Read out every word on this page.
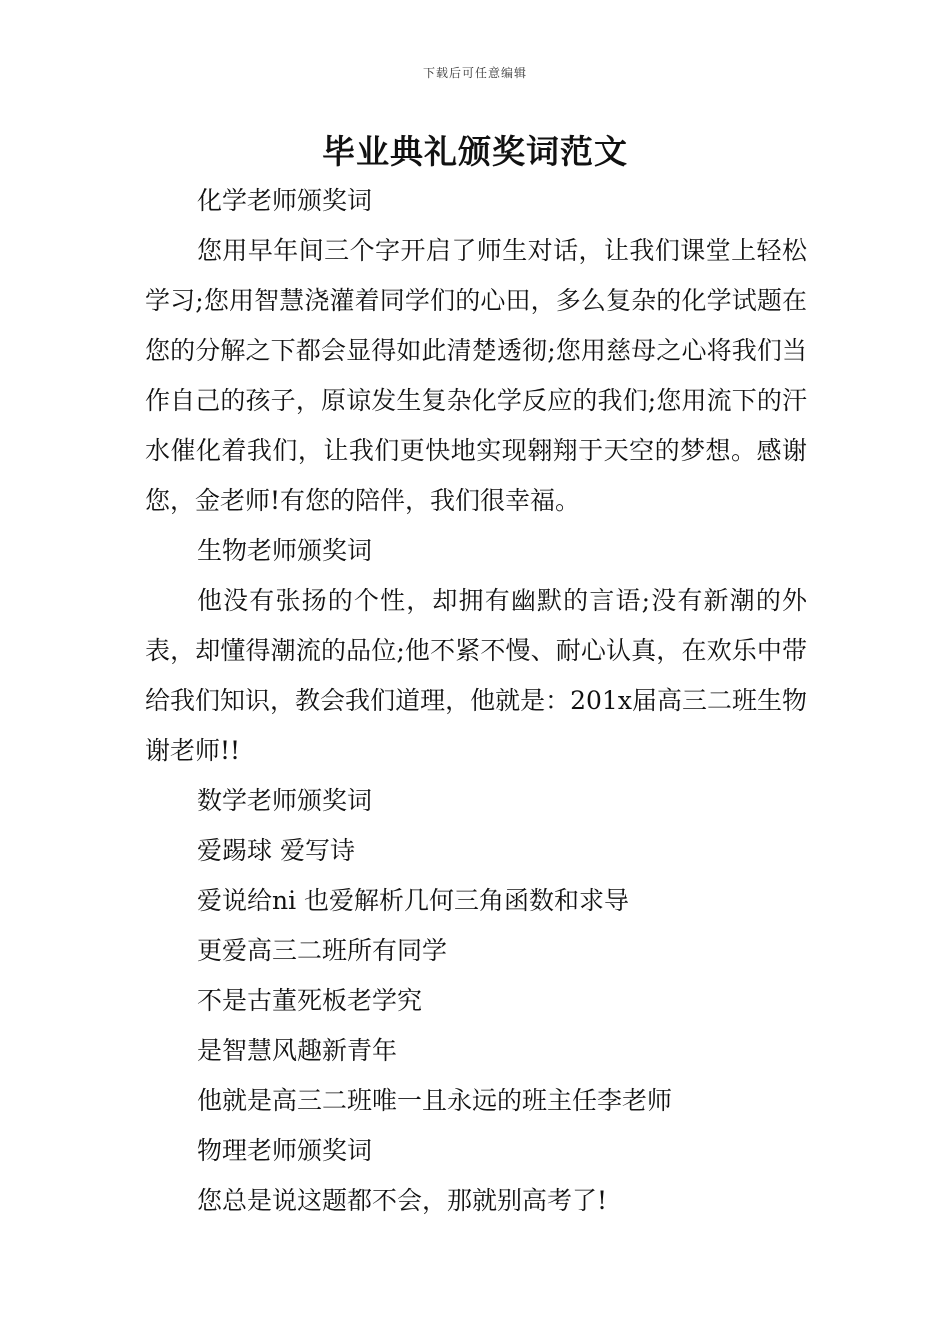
下载后可任意编辑
毕业典礼颁奖词范文
化学老师颁奖词

您用早年间三个字开启了师生对话，让我们课堂上轻松学习;您用智慧浇灌着同学们的心田，多么复杂的化学试题在您的分解之下都会显得如此清楚透彻;您用慈母之心将我们当作自己的孩子，原谅发生复杂化学反应的我们;您用流下的汗水催化着我们，让我们更快地实现翱翔于天空的梦想。感谢您，金老师!有您的陪伴，我们很幸福。

生物老师颁奖词

他没有张扬的个性，却拥有幽默的言语;没有新潮的外表，却懂得潮流的品位;他不紧不慢、耐心认真，在欢乐中带给我们知识，教会我们道理，他就是：201x届高三二班生物谢老师!!

数学老师颁奖词
爱踢球 爱写诗
爱说给ni 也爱解析几何三角函数和求导
更爱高三二班所有同学
不是古董死板老学究
是智慧风趣新青年
他就是高三二班唯一且永远的班主任李老师
物理老师颁奖词
您总是说这题都不会，那就别高考了!
